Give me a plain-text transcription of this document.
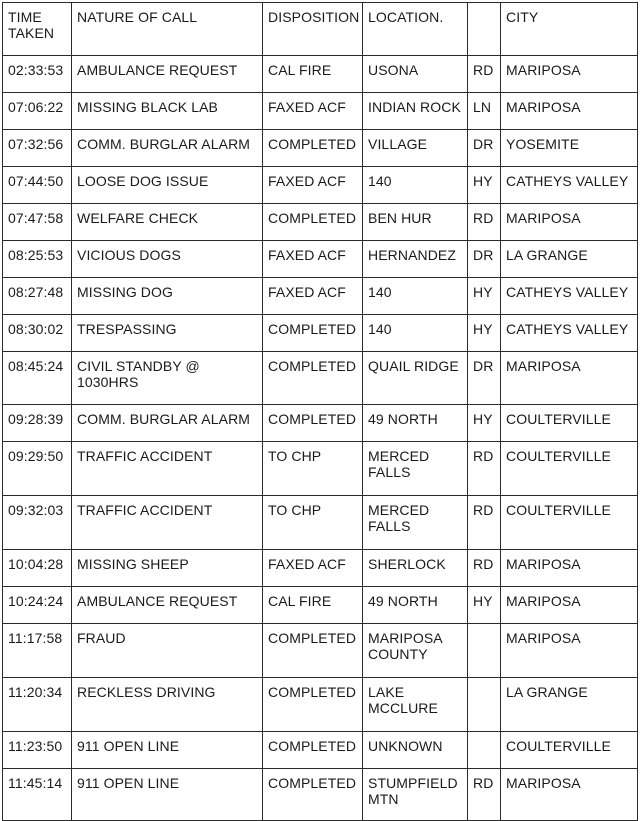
TIME TAKEN	NATURE OF CALL	DISPOSITION	LOCATION.		CITY
02:33:53	AMBULANCE REQUEST	CAL FIRE	USONA	RD	MARIPOSA
07:06:22	MISSING BLACK LAB	FAXED ACF	INDIAN ROCK	LN	MARIPOSA
07:32:56	COMM. BURGLAR ALARM	COMPLETED	VILLAGE	DR	YOSEMITE
07:44:50	LOOSE DOG ISSUE	FAXED ACF	140	HY	CATHEYS VALLEY
07:47:58	WELFARE CHECK	COMPLETED	BEN HUR	RD	MARIPOSA
08:25:53	VICIOUS DOGS	FAXED ACF	HERNANDEZ	DR	LA GRANGE
08:27:48	MISSING DOG	FAXED ACF	140	HY	CATHEYS VALLEY
08:30:02	TRESPASSING	COMPLETED	140	HY	CATHEYS VALLEY
08:45:24	CIVIL STANDBY @ 1030HRS	COMPLETED	QUAIL RIDGE	DR	MARIPOSA
09:28:39	COMM. BURGLAR ALARM	COMPLETED	49 NORTH	HY	COULTERVILLE
09:29:50	TRAFFIC ACCIDENT	TO CHP	MERCED FALLS	RD	COULTERVILLE
09:32:03	TRAFFIC ACCIDENT	TO CHP	MERCED FALLS	RD	COULTERVILLE
10:04:28	MISSING SHEEP	FAXED ACF	SHERLOCK	RD	MARIPOSA
10:24:24	AMBULANCE REQUEST	CAL FIRE	49 NORTH	HY	MARIPOSA
11:17:58	FRAUD	COMPLETED	MARIPOSA COUNTY		MARIPOSA
11:20:34	RECKLESS DRIVING	COMPLETED	LAKE MCCLURE		LA GRANGE
11:23:50	911 OPEN LINE	COMPLETED	UNKNOWN		COULTERVILLE
11:45:14	911 OPEN LINE	COMPLETED	STUMPFIELD MTN	RD	MARIPOSA
